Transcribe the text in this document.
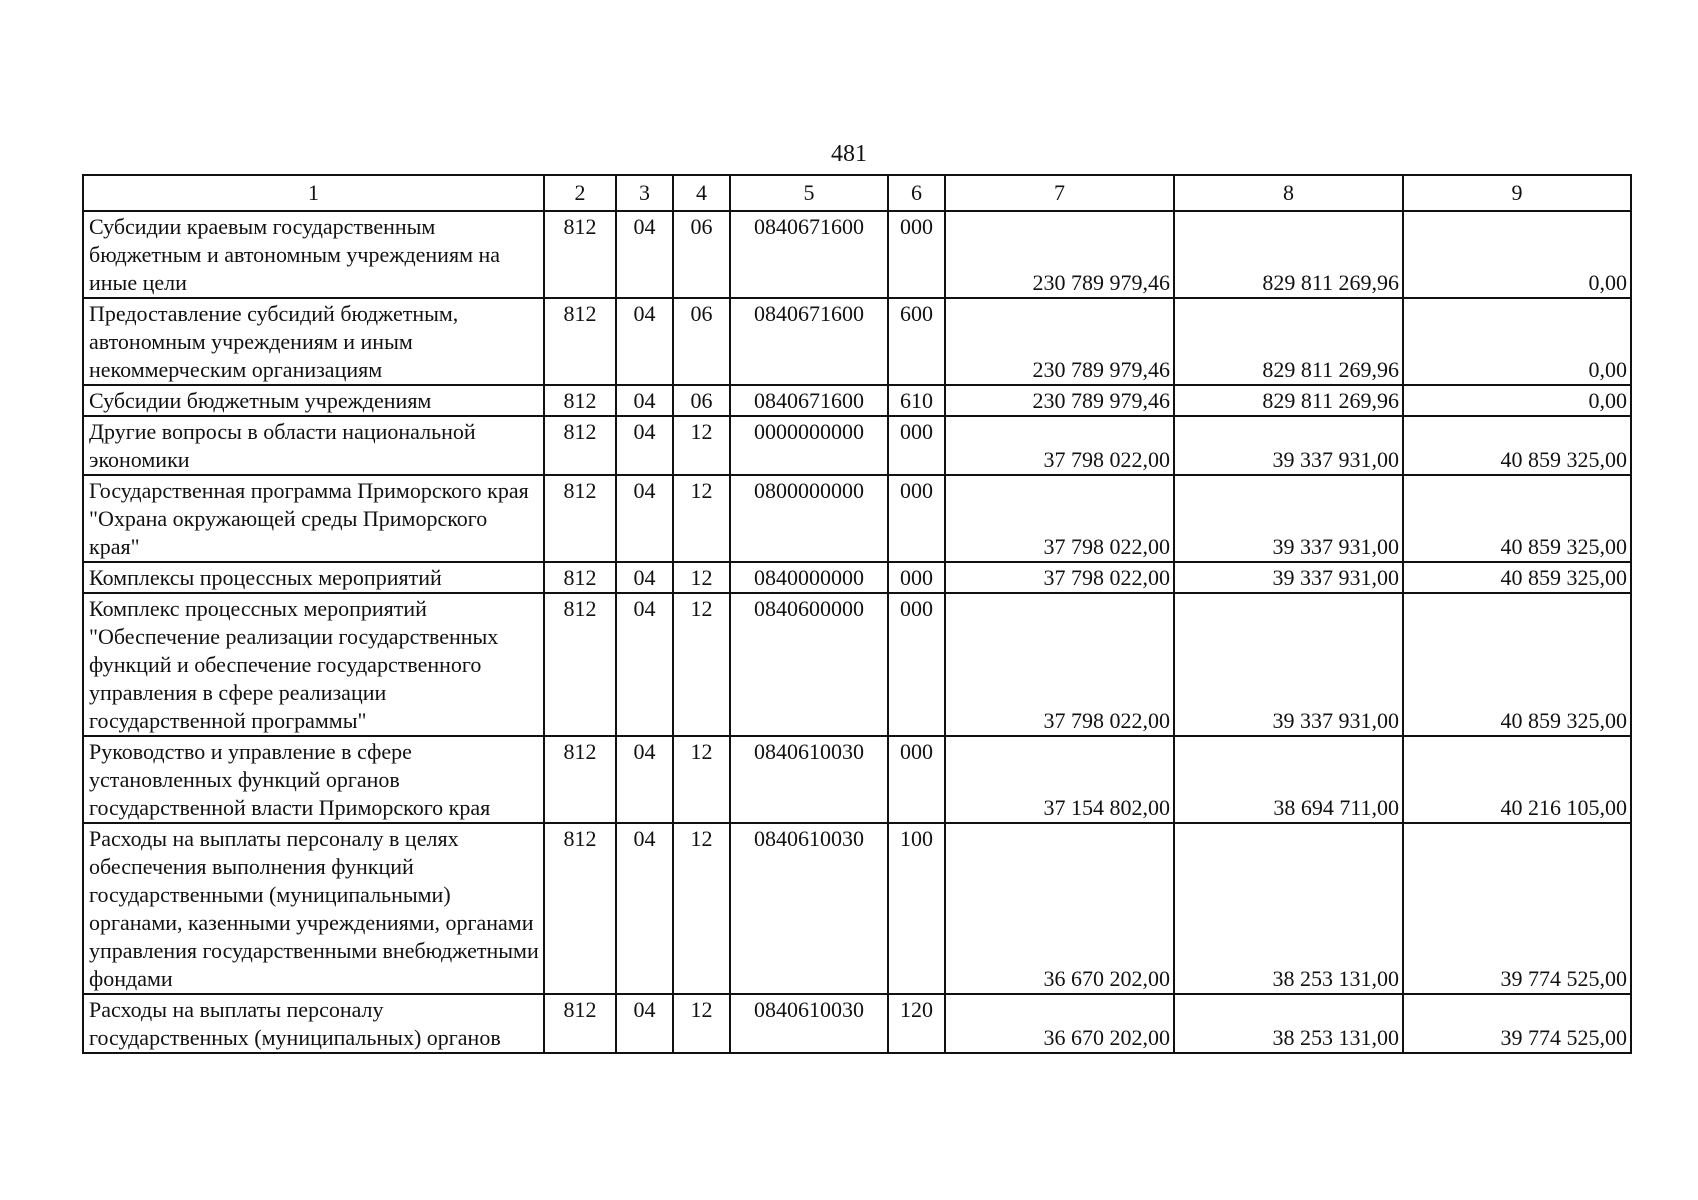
481
1	2	3	4	5	6	7	8	9
Субсидии краевым государственным бюджетным и автономным учреждениям на иные цели	812	04	06	0840671600	000	230 789 979,46	829 811 269,96	0,00
Предоставление субсидий бюджетным, автономным учреждениям и иным некоммерческим организациям	812	04	06	0840671600	600	230 789 979,46	829 811 269,96	0,00
Субсидии бюджетным учреждениям	812	04	06	0840671600	610	230 789 979,46	829 811 269,96	0,00
Другие вопросы в области национальной экономики	812	04	12	0000000000	000	37 798 022,00	39 337 931,00	40 859 325,00
Государственная программа Приморского края "Охрана окружающей среды Приморского края"	812	04	12	0800000000	000	37 798 022,00	39 337 931,00	40 859 325,00
Комплексы процессных мероприятий	812	04	12	0840000000	000	37 798 022,00	39 337 931,00	40 859 325,00
Комплекс процессных мероприятий "Обеспечение реализации государственных функций и обеспечение государственного управления в сфере реализации государственной программы"	812	04	12	0840600000	000	37 798 022,00	39 337 931,00	40 859 325,00
Руководство и управление в сфере установленных функций органов государственной власти Приморского края	812	04	12	0840610030	000	37 154 802,00	38 694 711,00	40 216 105,00
Расходы на выплаты персоналу в целях обеспечения выполнения функций государственными (муниципальными) органами, казенными учреждениями, органами управления государственными внебюджетными фондами	812	04	12	0840610030	100	36 670 202,00	38 253 131,00	39 774 525,00
Расходы на выплаты персоналу государственных (муниципальных) органов	812	04	12	0840610030	120	36 670 202,00	38 253 131,00	39 774 525,00
